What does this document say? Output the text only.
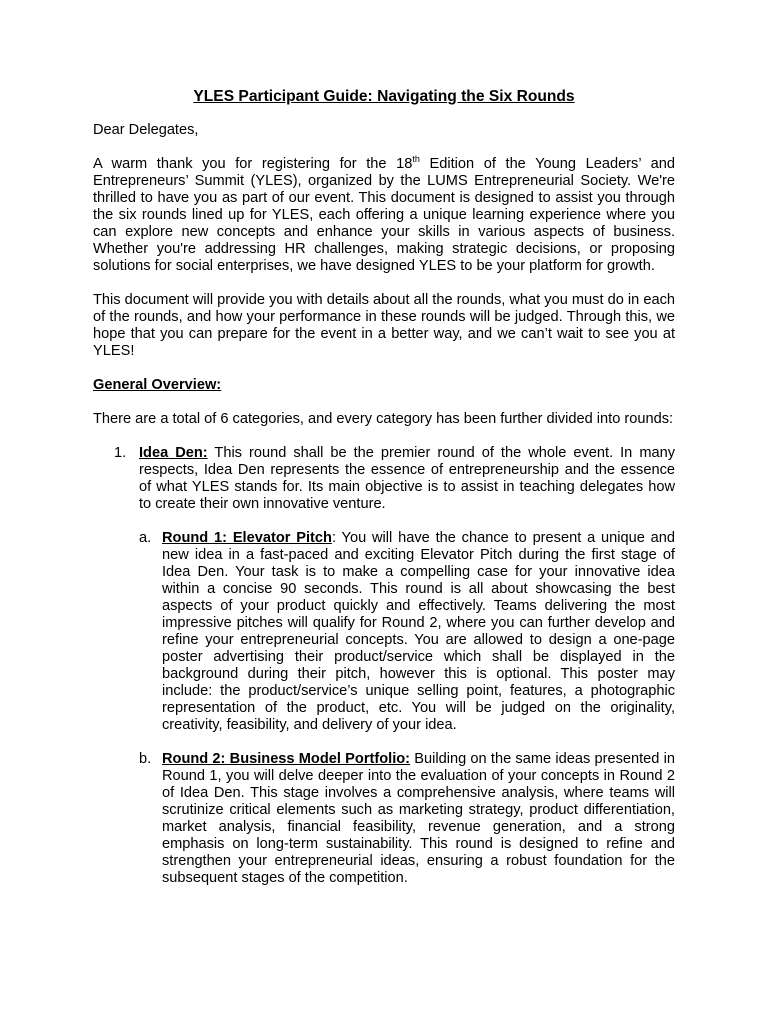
YLES Participant Guide: Navigating the Six Rounds

Dear Delegates,

A warm thank you for registering for the 18th Edition of the Young Leaders’ and Entrepreneurs’ Summit (YLES), organized by the LUMS Entrepreneurial Society. We're thrilled to have you as part of our event. This document is designed to assist you through the six rounds lined up for YLES, each offering a unique learning experience where you can explore new concepts and enhance your skills in various aspects of business. Whether you're addressing HR challenges, making strategic decisions, or proposing solutions for social enterprises, we have designed YLES to be your platform for growth.

This document will provide you with details about all the rounds, what you must do in each of the rounds, and how your performance in these rounds will be judged. Through this, we hope that you can prepare for the event in a better way, and we can’t wait to see you at YLES!

General Overview:

There are a total of 6 categories, and every category has been further divided into rounds:

1. Idea Den: This round shall be the premier round of the whole event. In many respects, Idea Den represents the essence of entrepreneurship and the essence of what YLES stands for. Its main objective is to assist in teaching delegates how to create their own innovative venture.
a. Round 1: Elevator Pitch: You will have the chance to present a unique and new idea in a fast-paced and exciting Elevator Pitch during the first stage of Idea Den. Your task is to make a compelling case for your innovative idea within a concise 90 seconds. This round is all about showcasing the best aspects of your product quickly and effectively. Teams delivering the most impressive pitches will qualify for Round 2, where you can further develop and refine your entrepreneurial concepts. You are allowed to design a one-page poster advertising their product/service which shall be displayed in the background during their pitch, however this is optional. This poster may include: the product/service’s unique selling point, features, a photographic representation of the product, etc. You will be judged on the originality, creativity, feasibility, and delivery of your idea.
b. Round 2: Business Model Portfolio: Building on the same ideas presented in Round 1, you will delve deeper into the evaluation of your concepts in Round 2 of Idea Den. This stage involves a comprehensive analysis, where teams will scrutinize critical elements such as marketing strategy, product differentiation, market analysis, financial feasibility, revenue generation, and a strong emphasis on long-term sustainability. This round is designed to refine and strengthen your entrepreneurial ideas, ensuring a robust foundation for the subsequent stages of the competition.
